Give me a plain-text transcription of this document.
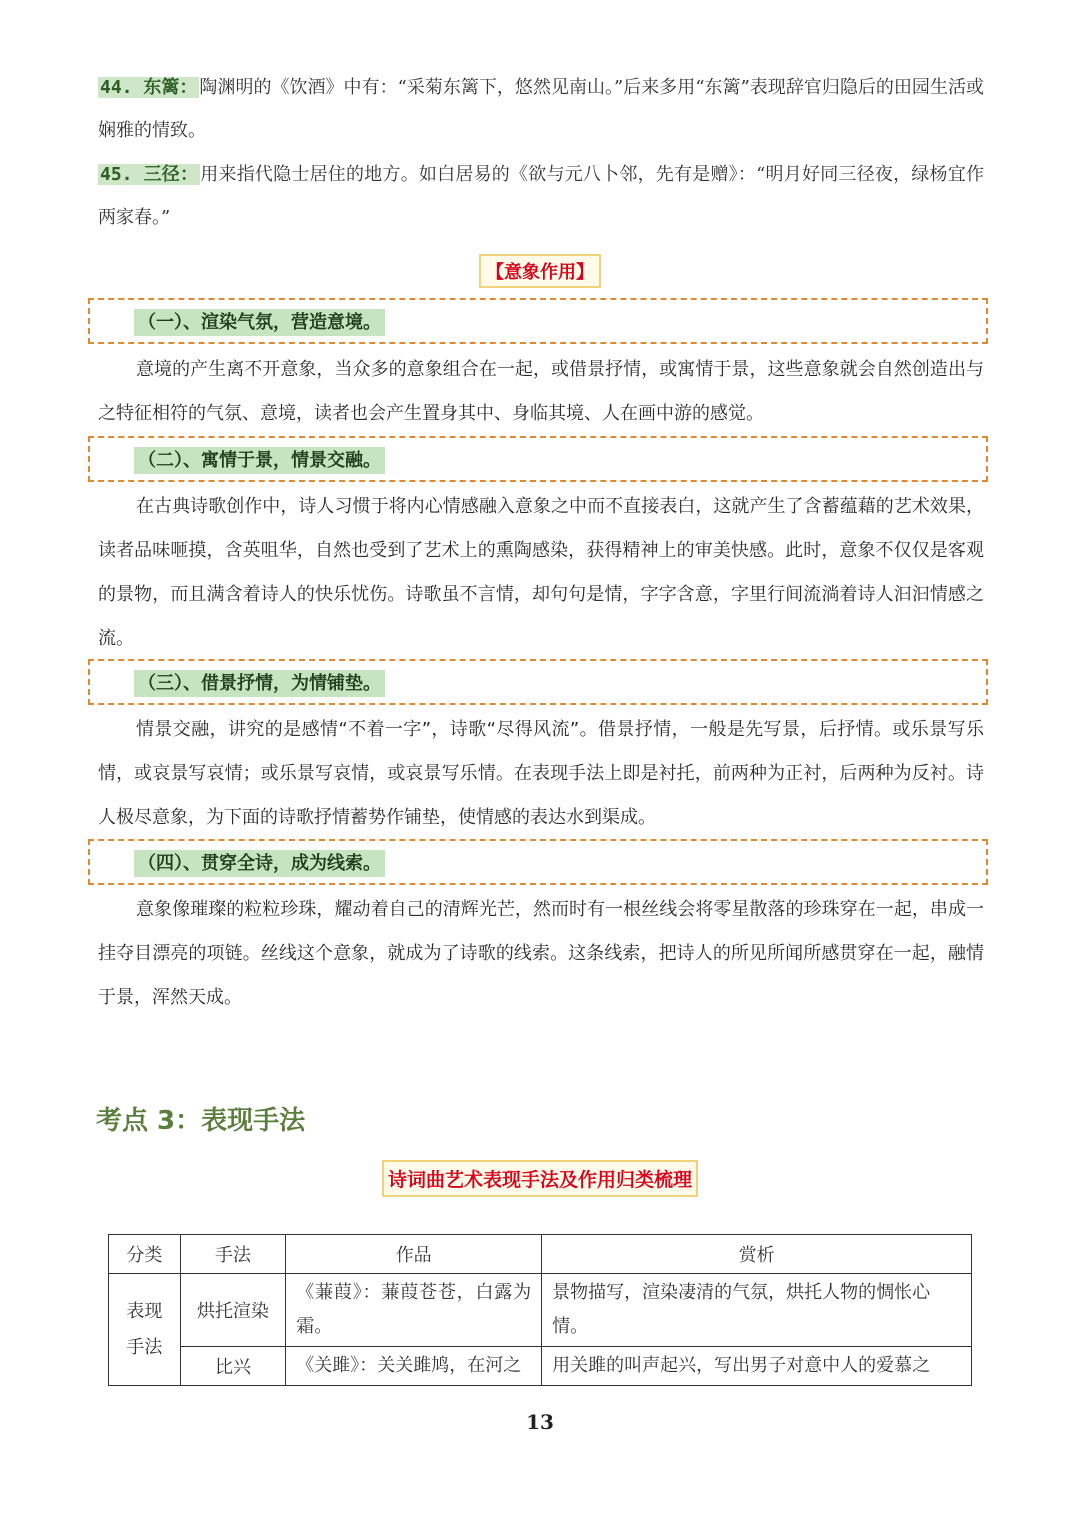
44. 东篱： 陶渊明的《饮酒》中有：“采菊东篱下，悠然见南山。”后来多用“东篱”表现辞官归隐后的田园生活或娴雅的情致。
45. 三径： 用来指代隐士居住的地方。如白居易的《欲与元八卜邻，先有是赠》：“明月好同三径夜，绿杨宜作两家春。”
【意象作用】
（一）、渲染气氛，营造意境。
意境的产生离不开意象，当众多的意象组合在一起，或借景抒情，或寓情于景，这些意象就会自然创造出与之特征相符的气氛、意境，读者也会产生置身其中、身临其境、人在画中游的感觉。
（二）、寓情于景，情景交融。
在古典诗歌创作中，诗人习惯于将内心情感融入意象之中而不直接表白，这就产生了含蓄蕴藉的艺术效果，读者品味咂摸，含英咀华，自然也受到了艺术上的熏陶感染，获得精神上的审美快感。此时，意象不仅仅是客观的景物，而且满含着诗人的快乐忧伤。诗歌虽不言情，却句句是情，字字含意，字里行间流淌着诗人汩汩情感之流。
（三）、借景抒情，为情铺垫。
情景交融，讲究的是感情“不着一字”，诗歌“尽得风流”。借景抒情，一般是先写景，后抒情。或乐景写乐情，或哀景写哀情；或乐景写哀情，或哀景写乐情。在表现手法上即是衬托，前两种为正衬，后两种为反衬。诗人极尽意象，为下面的诗歌抒情蓄势作铺垫，使情感的表达水到渠成。
（四）、贯穿全诗，成为线索。
意象像璀璨的粒粒珍珠，耀动着自己的清辉光芒，然而时有一根丝线会将零星散落的珍珠穿在一起，串成一挂夺目漂亮的项链。丝线这个意象，就成为了诗歌的线索。这条线索，把诗人的所见所闻所感贯穿在一起，融情于景，浑然天成。
考点 3：表现手法
诗词曲艺术表现手法及作用归类梳理
分类	手法	作品	赏析
表现手法	烘托渲染	《蒹葭》：蒹葭苍苍，白露为霜。	景物描写，渲染凄清的气氛，烘托人物的惆怅心情。
	比兴	《关雎》：关关雎鸠，在河之	用关雎的叫声起兴，写出男子对意中人的爱慕之
13
